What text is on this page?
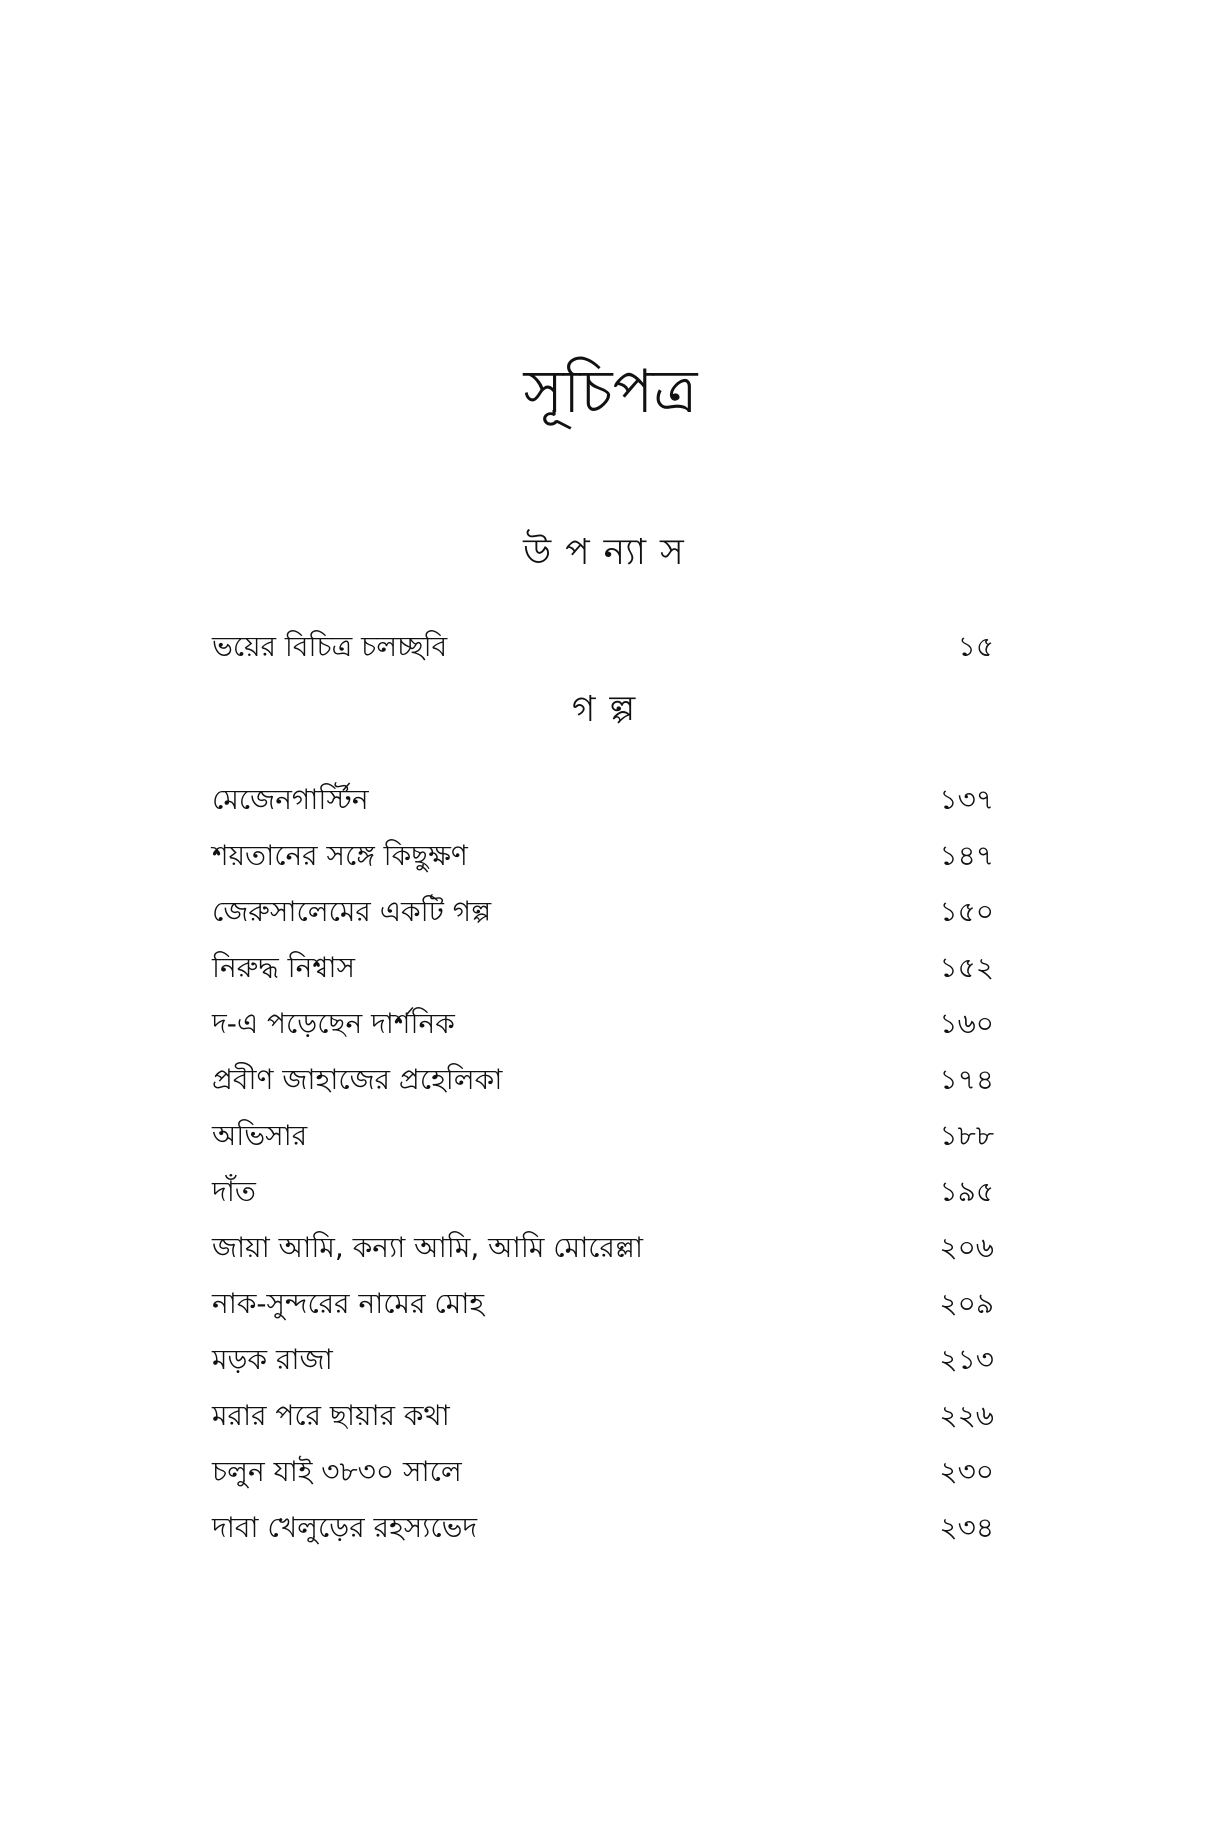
সূচিপত্র
উপন্যাস
ভয়ের বিচিত্র চলচ্ছবি	১৫
গল্প
মেজেনগার্স্টিন	১৩৭
শয়তানের সঙ্গে কিছুক্ষণ	১৪৭
জেরুসালেমের একটি গল্প	১৫০
নিরুদ্ধ নিশ্বাস	১৫২
দ-এ পড়েছেন দার্শনিক	১৬০
প্রবীণ জাহাজের প্রহেলিকা	১৭৪
অভিসার	১৮৮
দাঁত	১৯৫
জায়া আমি, কন্যা আমি, আমি মোরেল্লা	২০৬
নাক-সুন্দরের নামের মোহ	২০৯
মড়ক রাজা	২১৩
মরার পরে ছায়ার কথা	২২৬
চলুন যাই ৩৮৩০ সালে	২৩০
দাবা খেলুড়ের রহস্যভেদ	২৩৪
